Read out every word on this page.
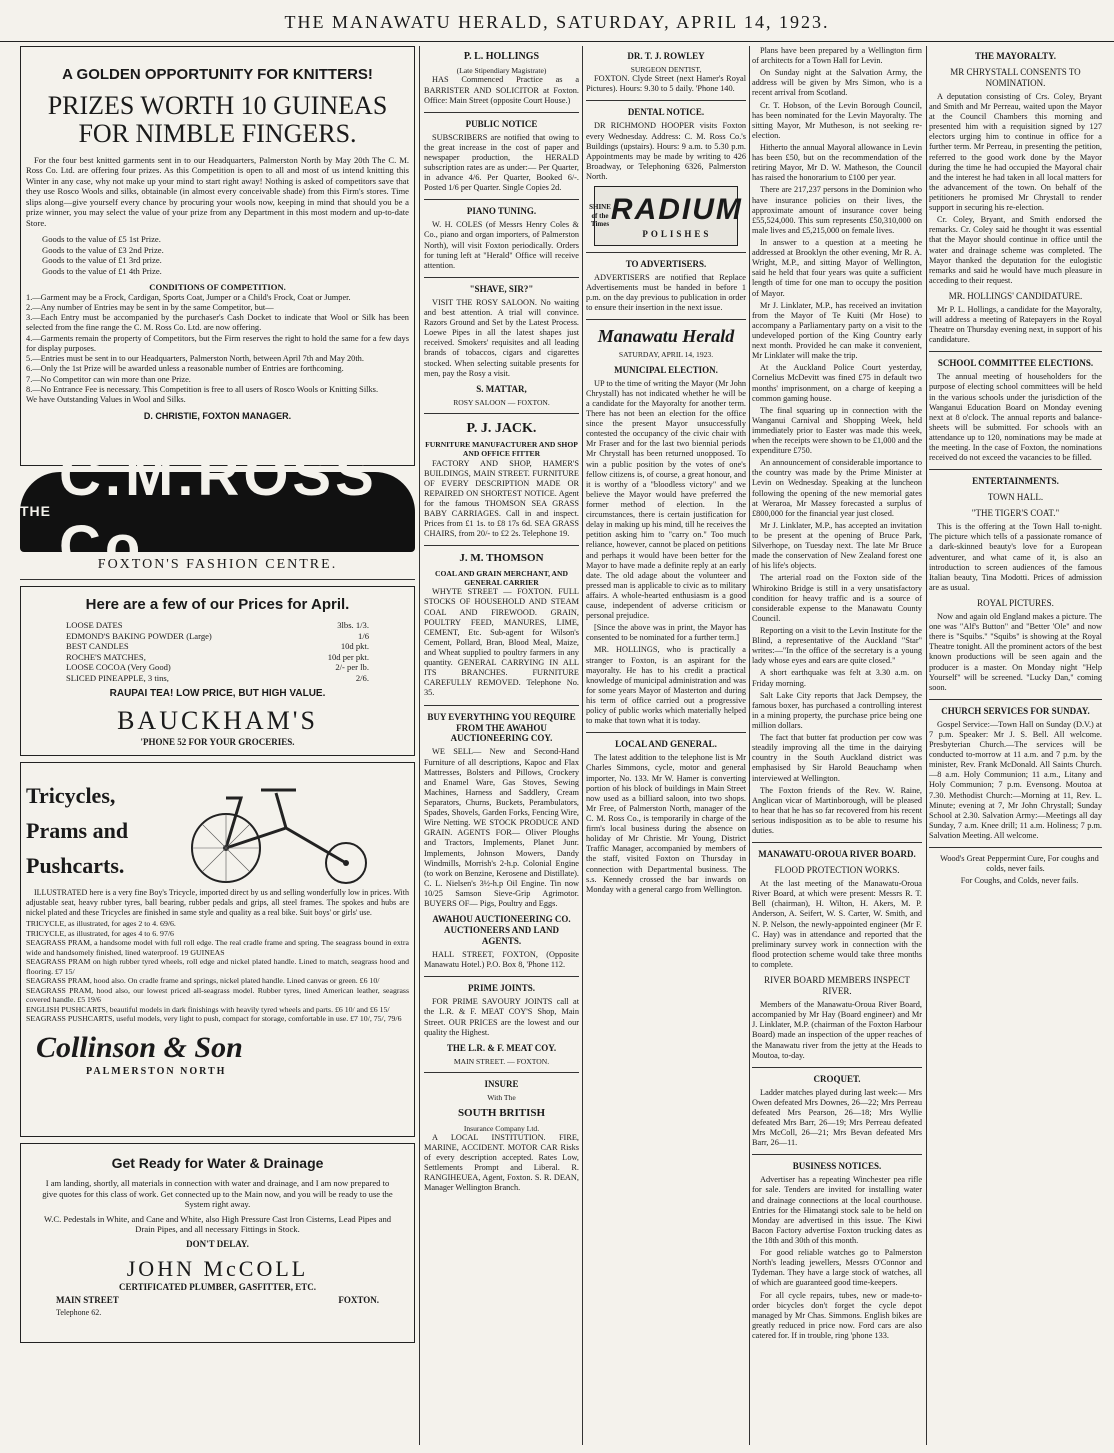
THE MANAWATU HERALD, SATURDAY, APRIL 14, 1923.
A GOLDEN OPPORTUNITY FOR KNITTERS!
PRIZES WORTH 10 GUINEAS FOR NIMBLE FINGERS.

For the four best knitted garments sent in to our Headquarters, Palmerston North by May 20th The C. M. Ross Co. Ltd. are offering four prizes. As this Competition is open to all and most of us intend knitting this Winter in any case, why not make up your mind to start right away! Nothing is asked of competitors save that they use Rosco Wools and silks, obtainable (in almost every conceivable shade) from this Firm's stores. Time slips along—give yourself every chance by procuring your wools now, keeping in mind that should you be a prize winner, you may select the value of your prize from any Department in this most modern and up-to-date Store.

Goods to the value of £5 1st Prize.
Goods to the value of £3 2nd Prize.
Goods to the value of £1 3rd prize.
Goods to the value of £1 4th Prize.
CONDITIONS OF COMPETITION.
1.—Garment may be a Frock, Cardigan, Sports Coat, Jumper or a Child's Frock, Coat or Jumper.
2.—Any number of Entries may be sent in by the same Competitor, but—
3.—Each Entry must be accompanied by the purchaser's Cash Docket to indicate that Wool or Silk has been selected from the fine range the C. M. Ross Co. Ltd. are now offering.
4.—Garments remain the property of Competitors, but the Firm reserves the right to hold the same for a few days for display purposes.
5.—Entries must be sent in to our Headquarters, Palmerston North, between April 7th and May 20th.
6.—Only the 1st Prize will be awarded unless a reasonable number of Entries are forthcoming.
7.—No Competitor can win more than one Prize.
8.—No Entrance Fee is necessary. This Competition is free to all users of Rosco Wools or Knitting Silks.
We have Outstanding Values in Wool and Silks.
D. CHRISTIE, FOXTON MANAGER.
THE
C.M.ROSS Co
FOXTON'S FASHION CENTRE.
Here are a few of our Prices for April.
LOOSE DATES	3lbs. 1/3.
EDMOND'S BAKING POWDER (Large)	1/6
BEST CANDLES	10d pkt.
ROCHE'S MATCHES,	10d per pkt.
LOOSE COCOA (Very Good)	2/- per lb.
SLICED PINEAPPLE, 3 tins,	2/6.
RAUPAI TEA! LOW PRICE, BUT HIGH VALUE.
BAUCKHAM'S
'PHONE 52 FOR YOUR GROCERIES.
Tricycles,
Prams and
Pushcarts.

ILLUSTRATED here is a very fine Boy's Tricycle, imported direct by us and selling wonderfully low in prices. With adjustable seat, heavy rubber tyres, ball bearing, rubber pedals and grips, all steel frames. The spokes and hubs are nickel plated and these Tricycles are finished in same style and quality as a real bike. Suit boys' or girls' use.

TRICYCLE, as illustrated, for ages 2 to 4. 69/6.
TRICYCLE, as illustrated, for ages 4 to 6. 97/6
SEAGRASS PRAM, a handsome model with full roll edge. The real cradle frame and spring. The seagrass bound in extra wide and handsomely finished, lined waterproof. 19 GUINEAS
SEAGRASS PRAM on high rubber tyred wheels, roll edge and nickel plated handle. Lined to match, seagrass hood and flooring. £7 15/
SEAGRASS PRAM, hood also. On cradle frame and springs, nickel plated handle. Lined canvas or green. £6 10/
SEAGRASS PRAM, hood also, our lowest priced all-seagrass model. Rubber tyres, lined American leather, seagrass covered handle. £5 19/6
ENGLISH PUSHCARTS, beautiful models in dark finishings with heavily tyred wheels and parts. £6 10/ and £6 15/
SEAGRASS PUSHCARTS, useful models, very light to push, compact for storage, comfortable in use. £7 10/, 75/, 79/6
Collinson & Son
PALMERSTON NORTH
Get Ready for Water & Drainage

I am landing, shortly, all materials in connection with water and drainage, and I am now prepared to give quotes for this class of work. Get connected up to the Main now, and you will be ready to use the System right away.

W.C. Pedestals in White, and Cane and White, also High Pressure Cast Iron Cisterns, Lead Pipes and Drain Pipes, and all necessary Fittings in Stock.

DON'T DELAY.
JOHN McCOLL
CERTIFICATED PLUMBER, GASFITTER, ETC.
MAIN STREET	FOXTON.
Telephone 62.
P. L. HOLLINGS
(Late Stipendiary Magistrate)

HAS Commenced Practice as a BARRISTER AND SOLICITOR at Foxton. Office: Main Street (opposite Court House.)

PUBLIC NOTICE

SUBSCRIBERS are notified that owing to the great increase in the cost of paper and newspaper production, the HERALD subscription rates are as under:— Per Quarter, in advance 4/6. Per Quarter, Booked 6/-. Posted 1/6 per Quarter. Single Copies 2d.

PIANO TUNING.

W. H. COLES (of Messrs Henry Coles & Co., piano and organ importers, of Palmerston North), will visit Foxton periodically. Orders for tuning left at "Herald" Office will receive attention.

"SHAVE, SIR?"

VISIT THE ROSY SALOON. No waiting and best attention. A trial will convince. Razors Ground and Set by the Latest Process. Loewe Pipes in all the latest shapes just received. Smokers' requisites and all leading brands of tobaccos, cigars and cigarettes stocked. When selecting suitable presents for men, pay the Rosy a visit.

S. MATTAR,
ROSY SALOON — FOXTON.
P. J. JACK.
FURNITURE MANUFACTURER AND SHOP AND OFFICE FITTER

FACTORY AND SHOP, HAMER'S BUILDINGS, MAIN STREET. FURNITURE OF EVERY DESCRIPTION MADE OR REPAIRED ON SHORTEST NOTICE. Agent for the famous THOMSON SEA GRASS BABY CARRIAGES. Call in and inspect. Prices from £1 1s. to £8 17s 6d. SEA GRASS CHAIRS, from 20/- to £2 2s. Telephone 19.

J. M. THOMSON
COAL AND GRAIN MERCHANT, AND GENERAL CARRIER

WHYTE STREET — FOXTON. FULL STOCKS OF HOUSEHOLD AND STEAM COAL AND FIREWOOD. GRAIN, POULTRY FEED, MANURES, LIME, CEMENT, Etc. Sub-agent for Wilson's Cement, Pollard, Bran, Blood Meal, Maize, and Wheat supplied to poultry farmers in any quantity. GENERAL CARRYING IN ALL ITS BRANCHES. FURNITURE CAREFULLY REMOVED. Telephone No. 35.

BUY EVERYTHING YOU REQUIRE FROM THE AWAHOU AUCTIONEERING COY.

WE SELL— New and Second-Hand Furniture of all descriptions, Kapoc and Flax Mattresses, Bolsters and Pillows, Crockery and Enamel Ware, Gas Stoves, Sewing Machines, Harness and Saddlery, Cream Separators, Churns, Buckets, Perambulators, Spades, Shovels, Garden Forks, Fencing Wire, Wire Netting. WE STOCK PRODUCE AND GRAIN. AGENTS FOR— Oliver Ploughs and Tractors, Implements, Planet Junr. Implements, Johnson Mowers, Dandy Windmills, Morrish's 2-h.p. Colonial Engine (to work on Benzine, Kerosene and Distillate). C. L. Nielsen's 3½-h.p Oil Engine. Tin now 10/25 Samson Sieve-Grip Agrimotor. BUYERS OF— Pigs, Poultry and Eggs.

AWAHOU AUCTIONEERING CO. AUCTIONEERS AND LAND AGENTS.

HALL STREET, FOXTON, (Opposite Manawatu Hotel.) P.O. Box 8, 'Phone 112.

PRIME JOINTS.

FOR PRIME SAVOURY JOINTS call at the L.R. & F. MEAT COY'S Shop, Main Street. OUR PRICES are the lowest and our quality the Highest.

THE L.R. & F. MEAT COY.
MAIN STREET. — FOXTON.
INSURE
With The
SOUTH BRITISH
Insurance Company Ltd.

A LOCAL INSTITUTION. FIRE, MARINE, ACCIDENT. MOTOR CAR Risks of every description accepted. Rates Low, Settlements Prompt and Liberal. R. RANGIHEUEA, Agent, Foxton. S. R. DEAN, Manager Wellington Branch.

DR. T. J. ROWLEY
SURGEON DENTIST,

FOXTON. Clyde Street (next Hamer's Royal Pictures). Hours: 9.30 to 5 daily. 'Phone 140.

DENTAL NOTICE.

DR RICHMOND HOOPER visits Foxton every Wednesday. Address: C. M. Ross Co.'s Buildings (upstairs). Hours: 9 a.m. to 5.30 p.m. Appointments may be made by writing to 426 Broadway, or Telephoning 6326, Palmerston North.

SHINE of the Times RADIUM
POLISHES
TO ADVERTISERS.

ADVERTISERS are notified that Replace Advertisements must be handed in before 1 p.m. on the day previous to publication in order to ensure their insertion in the next issue.

Manawatu Herald
SATURDAY, APRIL 14, 1923.
MUNICIPAL ELECTION.

UP to the time of writing the Mayor (Mr John Chrystall) has not indicated whether he will be a candidate for the Mayoralty for another term. There has not been an election for the office since the present Mayor unsuccessfully contested the occupancy of the civic chair with Mr Fraser and for the last two biennial periods Mr Chrystall has been returned unopposed. To win a public position by the votes of one's fellow citizens is, of course, a great honour, and it is worthy of a "bloodless victory" and we believe the Mayor would have preferred the former method of election. In the circumstances, there is certain justification for delay in making up his mind, till he receives the petition asking him to "carry on." Too much reliance, however, cannot be placed on petitions and perhaps it would have been better for the Mayor to have made a definite reply at an early date. The old adage about the volunteer and pressed man is applicable to civic as to military affairs. A whole-hearted enthusiasm is a good cause, independent of adverse criticism or personal prejudice.

[Since the above was in print, the Mayor has consented to be nominated for a further term.]

MR. HOLLINGS, who is practically a stranger to Foxton, is an aspirant for the mayoralty. He has to his credit a practical knowledge of municipal administration and was for some years Mayor of Masterton and during his term of office carried out a progressive policy of public works which materially helped to make that town what it is today.

LOCAL AND GENERAL.

The latest addition to the telephone list is Mr Charles Simmons, cycle, motor and general importer, No. 133. Mr W. Hamer is converting portion of his block of buildings in Main Street now used as a billiard saloon, into two shops. Mr Free, of Palmerston North, manager of the C. M. Ross Co., is temporarily in charge of the firm's local business during the absence on holiday of Mr Christie. Mr Young, District Traffic Manager, accompanied by members of the staff, visited Foxton on Thursday in connection with Departmental business. The s.s. Kennedy crossed the bar inwards on Monday with a general cargo from Wellington.

Plans have been prepared by a Wellington firm of architects for a Town Hall for Levin.

On Sunday night at the Salvation Army, the address will be given by Mrs Simon, who is a recent arrival from Scotland.

Cr. T. Hobson, of the Levin Borough Council, has been nominated for the Levin Mayoralty. The sitting Mayor, Mr Mutheson, is not seeking re-election.

Hitherto the annual Mayoral allowance in Levin has been £50, but on the recommendation of the retiring Mayor, Mr D. W. Matheson, the Council has raised the honorarium to £100 per year.

There are 217,237 persons in the Dominion who have insurance policies on their lives, the approximate amount of insurance cover being £55,524,000. This sum represents £50,310,000 on male lives and £5,215,000 on female lives.

In answer to a question at a meeting he addressed at Brooklyn the other evening, Mr R. A. Wright, M.P., and sitting Mayor of Wellington, said he held that four years was quite a sufficient length of time for one man to occupy the position of Mayor.

Mr J. Linklater, M.P., has received an invitation from the Mayor of Te Kuiti (Mr Hose) to accompany a Parliamentary party on a visit to the undeveloped portion of the King Country early next month. Provided he can make it convenient, Mr Linklater will make the trip.

At the Auckland Police Court yesterday, Cornelius McDevitt was fined £75 in default two months' imprisonment, on a charge of keeping a common gaming house.

The final squaring up in connection with the Wanganui Carnival and Shopping Week, held immediately prior to Easter was made this week, when the receipts were shown to be £1,000 and the expenditure £750.

An announcement of considerable importance to the country was made by the Prime Minister at Levin on Wednesday. Speaking at the luncheon following the opening of the new memorial gates at Weraroa, Mr Massey forecasted a surplus of £800,000 for the financial year just closed.

Mr J. Linklater, M.P., has accepted an invitation to be present at the opening of Bruce Park, Silverhope, on Tuesday next. The late Mr Bruce made the conservation of New Zealand forest one of his life's objects.

The arterial road on the Foxton side of the Whirokino Bridge is still in a very unsatisfactory condition for heavy traffic and is a source of considerable expense to the Manawatu County Council.

Reporting on a visit to the Levin Institute for the Blind, a representative of the Auckland "Star" writes:—"In the office of the secretary is a young lady whose eyes and ears are quite closed."

A short earthquake was felt at 3.30 a.m. on Friday morning.

Salt Lake City reports that Jack Dempsey, the famous boxer, has purchased a controlling interest in a mining property, the purchase price being one million dollars.

The fact that butter fat production per cow was steadily improving all the time in the dairying country in the South Auckland district was emphasised by Sir Harold Beauchamp when interviewed at Wellington.

The Foxton friends of the Rev. W. Raine, Anglican vicar of Martinborough, will be pleased to hear that he has so far recovered from his recent serious indisposition as to be able to resume his duties.

MANAWATU-OROUA RIVER BOARD.
FLOOD PROTECTION WORKS.

At the last meeting of the Manawatu-Oroua River Board, at which were present: Messrs R. T. Bell (chairman), H. Wilton, H. Akers, M. P. Anderson, A. Seifert, W. S. Carter, W. Smith, and N. P. Nelson, the newly-appointed engineer (Mr F. C. Hay) was in attendance and reported that the preliminary survey work in connection with the flood protection scheme would take three months to complete.

RIVER BOARD MEMBERS INSPECT RIVER.

Members of the Manawatu-Oroua River Board, accompanied by Mr Hay (Board engineer) and Mr J. Linklater, M.P. (chairman of the Foxton Harbour Board) made an inspection of the upper reaches of the Manawatu river from the jetty at the Heads to Moutoa, to-day.

CROQUET.

Ladder matches played during last week:— Mrs Owen defeated Mrs Downes, 26—22; Mrs Perreau defeated Mrs Pearson, 26—18; Mrs Wyllie defeated Mrs Barr, 26—19; Mrs Perreau defeated Mrs McColl, 26—21; Mrs Bevan defeated Mrs Barr, 26—11.

BUSINESS NOTICES.

Advertiser has a repeating Winchester pea rifle for sale. Tenders are invited for installing water and drainage connections at the local courthouse. Entries for the Himatangi stock sale to be held on Monday are advertised in this issue. The Kiwi Bacon Factory advertise Foxton trucking dates as the 18th and 30th of this month.

For good reliable watches go to Palmerston North's leading jewellers, Messrs O'Connor and Tydeman. They have a large stock of watches, all of which are guaranteed good time-keepers.

For all cycle repairs, tubes, new or made-to-order bicycles don't forget the cycle depot managed by Mr Chas. Simmons. English bikes are greatly reduced in price now. Ford cars are also catered for. If in trouble, ring 'phone 133.

THE MAYORALTY.
MR CHRYSTALL CONSENTS TO NOMINATION.

A deputation consisting of Crs. Coley, Bryant and Smith and Mr Perreau, waited upon the Mayor at the Council Chambers this morning and presented him with a requisition signed by 127 electors urging him to continue in office for a further term. Mr Perreau, in presenting the petition, referred to the good work done by the Mayor during the time he had occupied the Mayoral chair and the interest he had taken in all local matters for the advancement of the town. On behalf of the petitioners he promised Mr Chrystall to render support in securing his re-election.

Cr. Coley, Bryant, and Smith endorsed the remarks. Cr. Coley said he thought it was essential that the Mayor should continue in office until the water and drainage scheme was completed. The Mayor thanked the deputation for the eulogistic remarks and said he would have much pleasure in acceding to their request.

MR. HOLLINGS' CANDIDATURE.

Mr P. L. Hollings, a candidate for the Mayoralty, will address a meeting of Ratepayers in the Royal Theatre on Thursday evening next, in support of his candidature.

SCHOOL COMMITTEE ELECTIONS.

The annual meeting of householders for the purpose of electing school committees will be held in the various schools under the jurisdiction of the Wanganui Education Board on Monday evening next at 8 o'clock. The annual reports and balance-sheets will be submitted. For schools with an attendance up to 120, nominations may be made at the meeting. In the case of Foxton, the nominations received do not exceed the vacancies to be filled.

ENTERTAINMENTS.
TOWN HALL.
"THE TIGER'S COAT."

This is the offering at the Town Hall to-night. The picture which tells of a passionate romance of a dark-skinned beauty's love for a European adventurer, and what came of it, is also an introduction to screen audiences of the famous Italian beauty, Tina Modotti. Prices of admission are as usual.

ROYAL PICTURES.

Now and again old England makes a picture. The one was "Alf's Button" and "Better 'Ole" and now there is "Squibs." "Squibs" is showing at the Royal Theatre tonight. All the prominent actors of the best known productions will be seen again and the producer is a master. On Monday night "Help Yourself" will be screened. "Lucky Dan," coming soon.

CHURCH SERVICES FOR SUNDAY.

Gospel Service:—Town Hall on Sunday (D.V.) at 7 p.m. Speaker: Mr J. S. Bell. All welcome. Presbyterian Church.—The services will be conducted to-morrow at 11 a.m. and 7 p.m. by the minister, Rev. Frank McDonald. All Saints Church.—8 a.m. Holy Communion; 11 a.m., Litany and Holy Communion; 7 p.m. Evensong. Moutoa at 7.30. Methodist Church:—Morning at 11, Rev. L. Minute; evening at 7, Mr John Chrystall; Sunday School at 2.30. Salvation Army:—Meetings all day Sunday, 7 a.m. Knee drill; 11 a.m. Holiness; 7 p.m. Salvation Meeting. All welcome.

Wood's Great Peppermint Cure, For coughs and colds, never fails.

For Coughs, and Colds, never fails.
